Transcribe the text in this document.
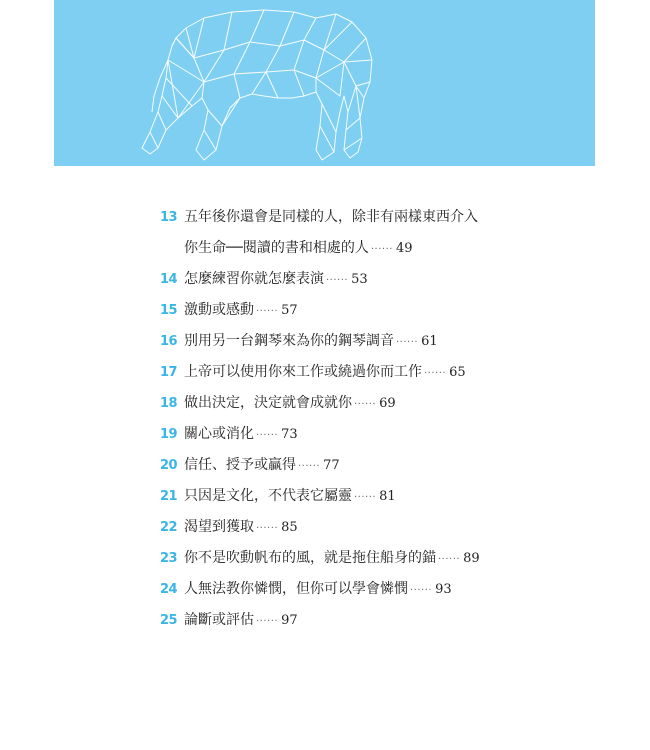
13 五年後你還會是同樣的人，除非有兩樣東西介入
你生命──閱讀的書和相處的人 ······ 49
14 怎麼練習你就怎麼表演 ······ 53
15 激動或感動 ······ 57
16 別用另一台鋼琴來為你的鋼琴調音 ······ 61
17 上帝可以使用你來工作或繞過你而工作 ······ 65
18 做出決定，決定就會成就你 ······ 69
19 關心或消化 ······ 73
20 信任、授予或贏得 ······ 77
21 只因是文化，不代表它屬靈 ······ 81
22 渴望到獲取 ······ 85
23 你不是吹動帆布的風，就是拖住船身的錨 ······ 89
24 人無法教你憐憫，但你可以學會憐憫 ······ 93
25 論斷或評估 ······ 97
